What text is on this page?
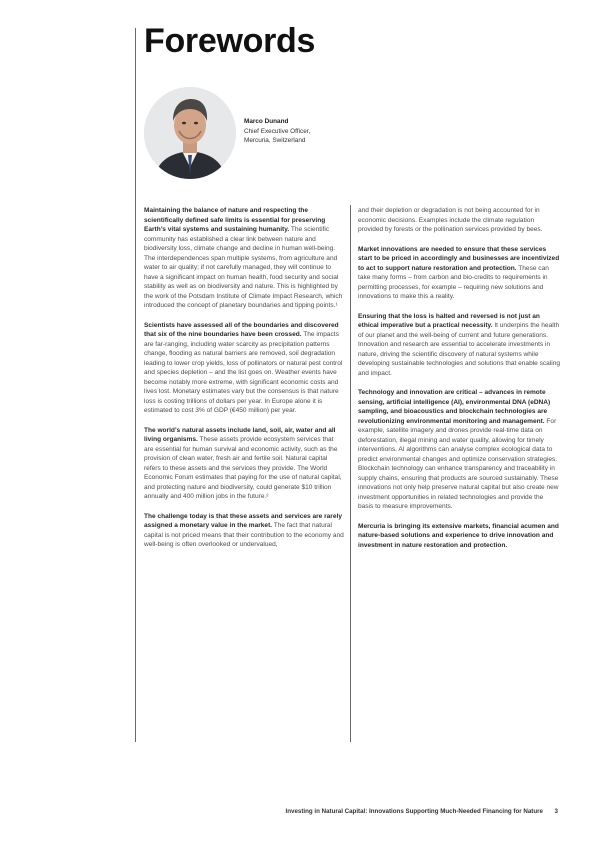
Forewords
Marco Dunand
Chief Executive Officer,
Mercuria, Switzerland

Maintaining the balance of nature and respecting the scientifically defined safe limits is essential for preserving Earth’s vital systems and sustaining humanity. The scientific community has established a clear link between nature and biodiversity loss, climate change and decline in human well-being. The interdependences span multiple systems, from agriculture and water to air quality; if not carefully managed, they will continue to have a significant impact on human health, food security and social stability as well as on biodiversity and nature. This is highlighted by the work of the Potsdam Institute of Climate Impact Research, which introduced the concept of planetary boundaries and tipping points.¹

Scientists have assessed all of the boundaries and discovered that six of the nine boundaries have been crossed. The impacts are far-ranging, including water scarcity as precipitation patterns change, flooding as natural barriers are removed, soil degradation leading to lower crop yields, loss of pollinators or natural pest control and species depletion – and the list goes on. Weather events have become notably more extreme, with significant economic costs and lives lost. Monetary estimates vary but the consensus is that nature loss is costing trillions of dollars per year. In Europe alone it is estimated to cost 3% of GDP (€450 million) per year.

The world’s natural assets include land, soil, air, water and all living organisms. These assets provide ecosystem services that are essential for human survival and economic activity, such as the provision of clean water, fresh air and fertile soil. Natural capital refers to these assets and the services they provide. The World Economic Forum estimates that paying for the use of natural capital, and protecting nature and biodiversity, could generate $10 trillion annually and 400 million jobs in the future.²

The challenge today is that these assets and services are rarely assigned a monetary value in the market. The fact that natural capital is not priced means that their contribution to the economy and well-being is often overlooked or undervalued,

and their depletion or degradation is not being accounted for in economic decisions. Examples include the climate regulation provided by forests or the pollination services provided by bees.

Market innovations are needed to ensure that these services start to be priced in accordingly and businesses are incentivized to act to support nature restoration and protection. These can take many forms – from carbon and bio-credits to requirements in permitting processes, for example – requiring new solutions and innovations to make this a reality.

Ensuring that the loss is halted and reversed is not just an ethical imperative but a practical necessity. It underpins the health of our planet and the well-being of current and future generations. Innovation and research are essential to accelerate investments in nature, driving the scientific discovery of natural systems while developing sustainable technologies and solutions that enable scaling and impact.

Technology and innovation are critical – advances in remote sensing, artificial intelligence (AI), environmental DNA (eDNA) sampling, and bioacoustics and blockchain technologies are revolutionizing environmental monitoring and management. For example, satellite imagery and drones provide real-time data on deforestation, illegal mining and water quality, allowing for timely interventions. AI algorithms can analyse complex ecological data to predict environmental changes and optimize conservation strategies. Blockchain technology can enhance transparency and traceability in supply chains, ensuring that products are sourced sustainably. These innovations not only help preserve natural capital but also create new investment opportunities in related technologies and provide the basis to measure improvements.

Mercuria is bringing its extensive markets, financial acumen and nature-based solutions and experience to drive innovation and investment in nature restoration and protection.

Investing in Natural Capital: Innovations Supporting Much-Needed Financing for Nature 3
